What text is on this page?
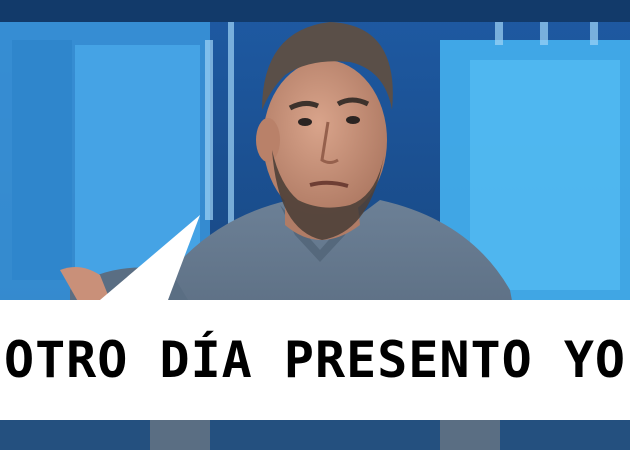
OTRO DÍA PRESENTO YO
